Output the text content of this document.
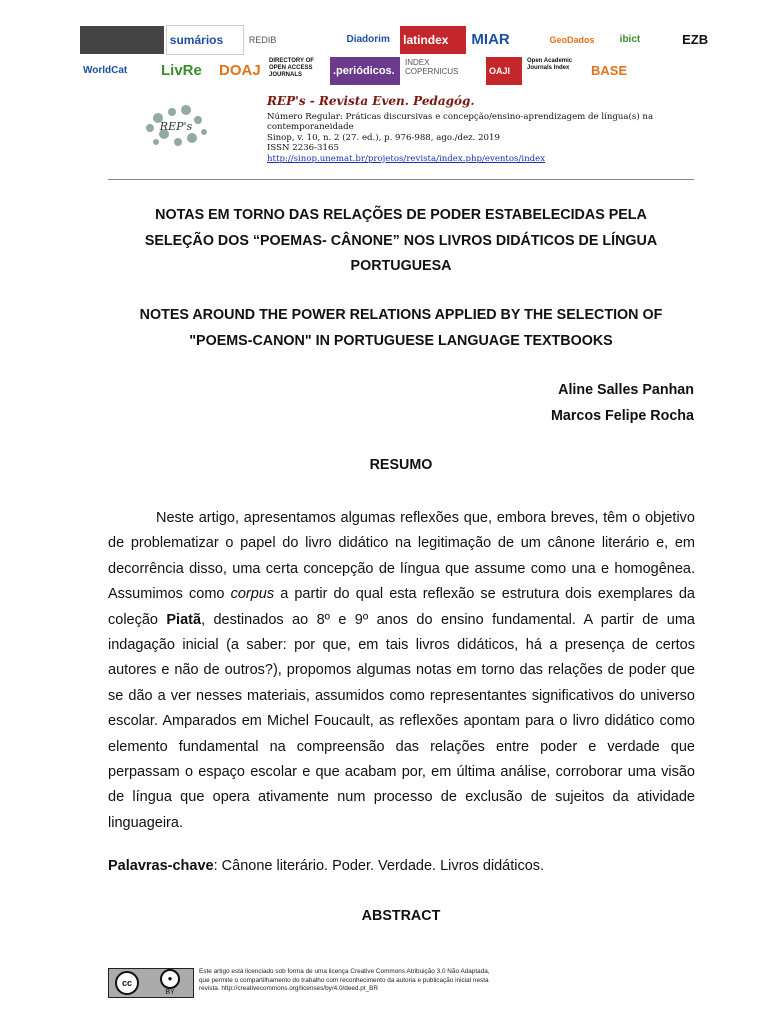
sumários	REDIB	Diadorim	latindex	MIAR	GeoDados	ibict	EZB
WorldCat	LivRe	DOAJ
DIRECTORY OF OPEN ACCESS JOURNALS	.periódicos.
INDEX COPERNICUS	OAJI
Open Academic Journals Index	BASE
REP's
REP's - Revista Even. Pedagóg.
Número Regular: Práticas discursivas e concepção/ensino-aprendizagem de língua(s) na contemporaneidade
Sinop, v. 10, n. 2 (27. ed.), p. 976-988, ago./dez. 2019
ISSN 2236-3165
http://sinop.unemat.br/projetos/revista/index.php/eventos/index
NOTAS EM TORNO DAS RELAÇÕES DE PODER ESTABELECIDAS PELA
SELEÇÃO DOS “POEMAS- CÂNONE” NOS LIVROS DIDÁTICOS DE LÍNGUA
PORTUGUESA
NOTES AROUND THE POWER RELATIONS APPLIED BY THE SELECTION OF
"POEMS-CANON" IN PORTUGUESE LANGUAGE TEXTBOOKS
Aline Salles Panhan
Marcos Felipe Rocha
RESUMO
Neste artigo, apresentamos algumas reflexões que, embora breves, têm o objetivo de problematizar o papel do livro didático na legitimação de um cânone literário e, em decorrência disso, uma certa concepção de língua que assume como una e homogênea. Assumimos como corpus a partir do qual esta reflexão se estrutura dois exemplares da coleção Piatã, destinados ao 8º e 9º anos do ensino fundamental. A partir de uma indagação inicial (a saber: por que, em tais livros didáticos, há a presença de certos autores e não de outros?), propomos algumas notas em torno das relações de poder que se dão a ver nesses materiais, assumidos como representantes significativos do universo escolar. Amparados em Michel Foucault, as reflexões apontam para o livro didático como elemento fundamental na compreensão das relações entre poder e verdade que perpassam o espaço escolar e que acabam por, em última análise, corroborar uma visão de língua que opera ativamente num processo de exclusão de sujeitos da atividade linguageira.
Palavras-chave: Cânone literário. Poder. Verdade. Livros didáticos.
ABSTRACT
cc	●
BY
Este artigo está licenciado sob forma de uma licença Creative Commons Atribuição 3.0 Não Adaptada,
que permite o compartilhamento do trabalho com reconhecimento da autoria e publicação inicial nesta
revista. http://creativecommons.org/licenses/by/4.0/deed.pt_BR
